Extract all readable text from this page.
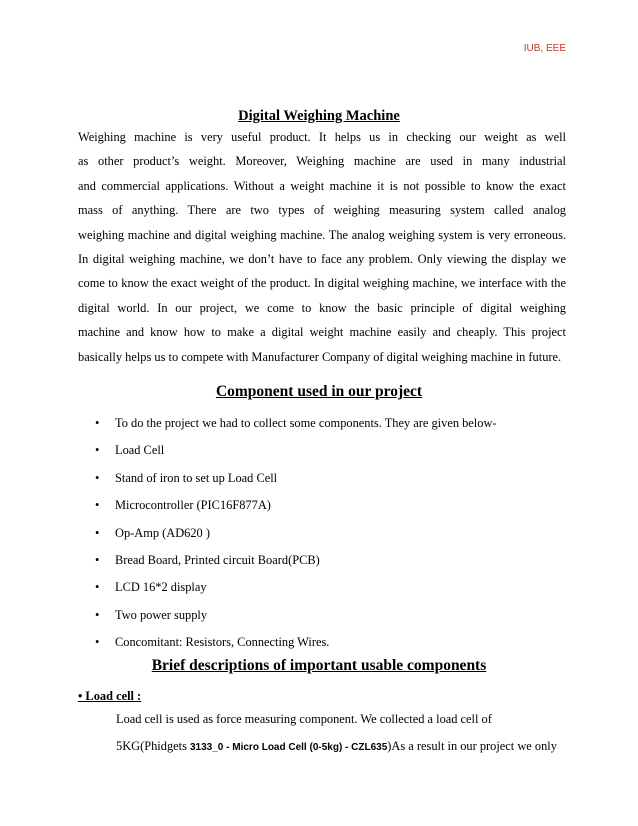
IUB, EEE
Digital Weighing Machine
Weighing machine is very useful product. It helps us in checking our weight as well
as other product’s weight. Moreover, Weighing machine are used in many industrial
and commercial applications. Without a weight machine it is not possible to know the exact
mass of anything. There are two types of weighing measuring system called analog
weighing machine and digital weighing machine. The analog weighing system is very erroneous.
In digital weighing machine, we don’t have to face any problem. Only viewing the display we
come to know the exact weight of the product. In digital weighing machine, we interface with the
digital world. In our project, we come to know the basic principle of digital weighing
machine and know how to make a digital weight machine easily and cheaply. This project
basically helps us to compete with Manufacturer Company of digital weighing machine in future.
Component used in our project
• To do the project we had to collect some components. They are given below-
• Load Cell
• Stand of iron to set up Load Cell
• Microcontroller (PIC16F877A)
• Op-Amp (AD620 )
• Bread Board, Printed circuit Board(PCB)
• LCD 16*2 display
• Two power supply
• Concomitant: Resistors, Connecting Wires.
Brief descriptions of important usable components
• Load cell :
Load cell is used as force measuring component. We collected a load cell of
5KG(Phidgets 3133_0 - Micro Load Cell (0-5kg) - CZL635)As a result in our project we only
